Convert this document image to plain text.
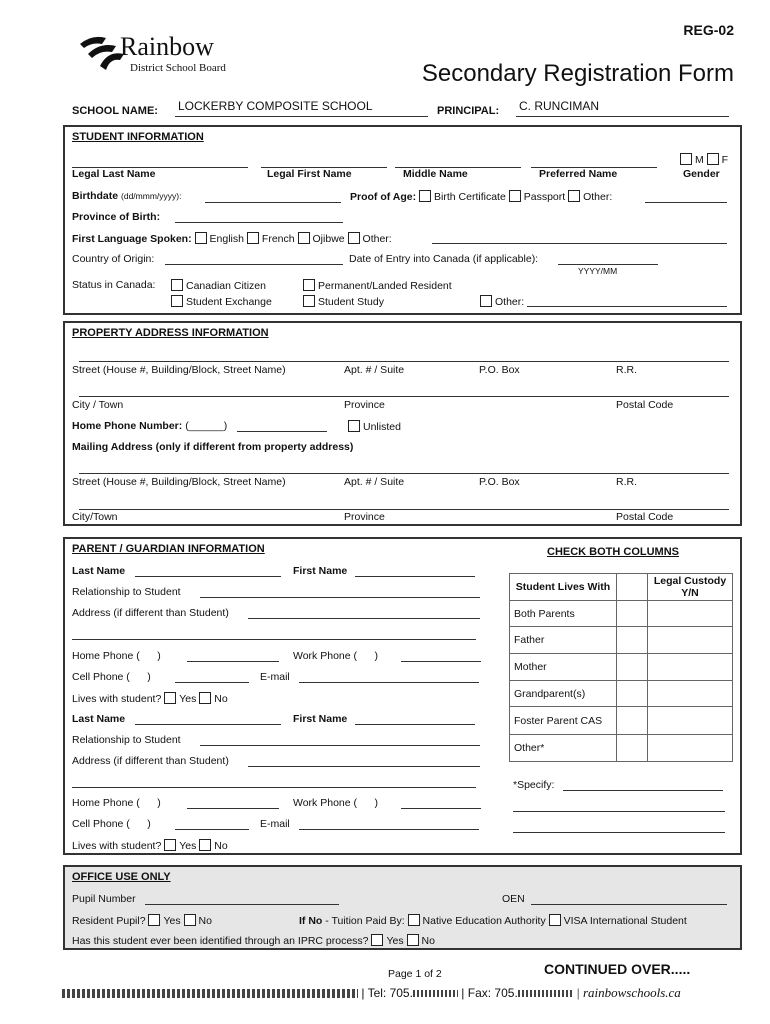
REG-02
Rainbow
District School Board	Secondary Registration Form
SCHOOL NAME: LOCKERBY COMPOSITE SCHOOL	PRINCIPAL: C. RUNCIMAN
STUDENT INFORMATION
M F
Legal Last Name	Legal First Name	Middle Name	Preferred Name	Gender
Birthdate (dd/mmm/yyyy):	Proof of Age: Birth Certificate Passport Other:
Province of Birth:
First Language Spoken: English French Ojibwe Other:
Country of Origin:	Date of Entry into Canada (if applicable):
YYYY/MM
Status in Canada:	Canadian Citizen	Permanent/Landed Resident
Student Exchange	Student Study	Other:
PROPERTY ADDRESS INFORMATION
Street (House #, Building/Block, Street Name)	Apt. # / Suite	P.O. Box	R.R.
City / Town	Province	Postal Code
Home Phone Number: (______)	Unlisted
Mailing Address (only if different from property address)
Street (House #, Building/Block, Street Name)	Apt. # / Suite	P.O. Box	R.R.
City/Town	Province	Postal Code
PARENT / GUARDIAN INFORMATION	CHECK BOTH COLUMNS
Last Name	First Name
Relationship to Student
Address (if different than Student)
Home Phone ( )	Work Phone ( )
Cell Phone ( )	E-mail
Lives with student? Yes No
Last Name	First Name
Relationship to Student
Address (if different than Student)
Home Phone ( )	Work Phone ( )
Cell Phone ( )	E-mail
Lives with student? Yes No
Student Lives With		Legal Custody Y/N
Both Parents		
Father		
Mother		
Grandparent(s)		
Foster Parent CAS		
Other*		
*Specify:
OFFICE USE ONLY
Pupil Number	OEN
Resident Pupil? Yes No	If No - Tuition Paid By: Native Education Authority VISA International Student
Has this student ever been identified through an IPRC process? Yes No
Page 1 of 2	CONTINUED OVER.....
| Tel: 705.	| Fax: 705.	| rainbowschools.ca
